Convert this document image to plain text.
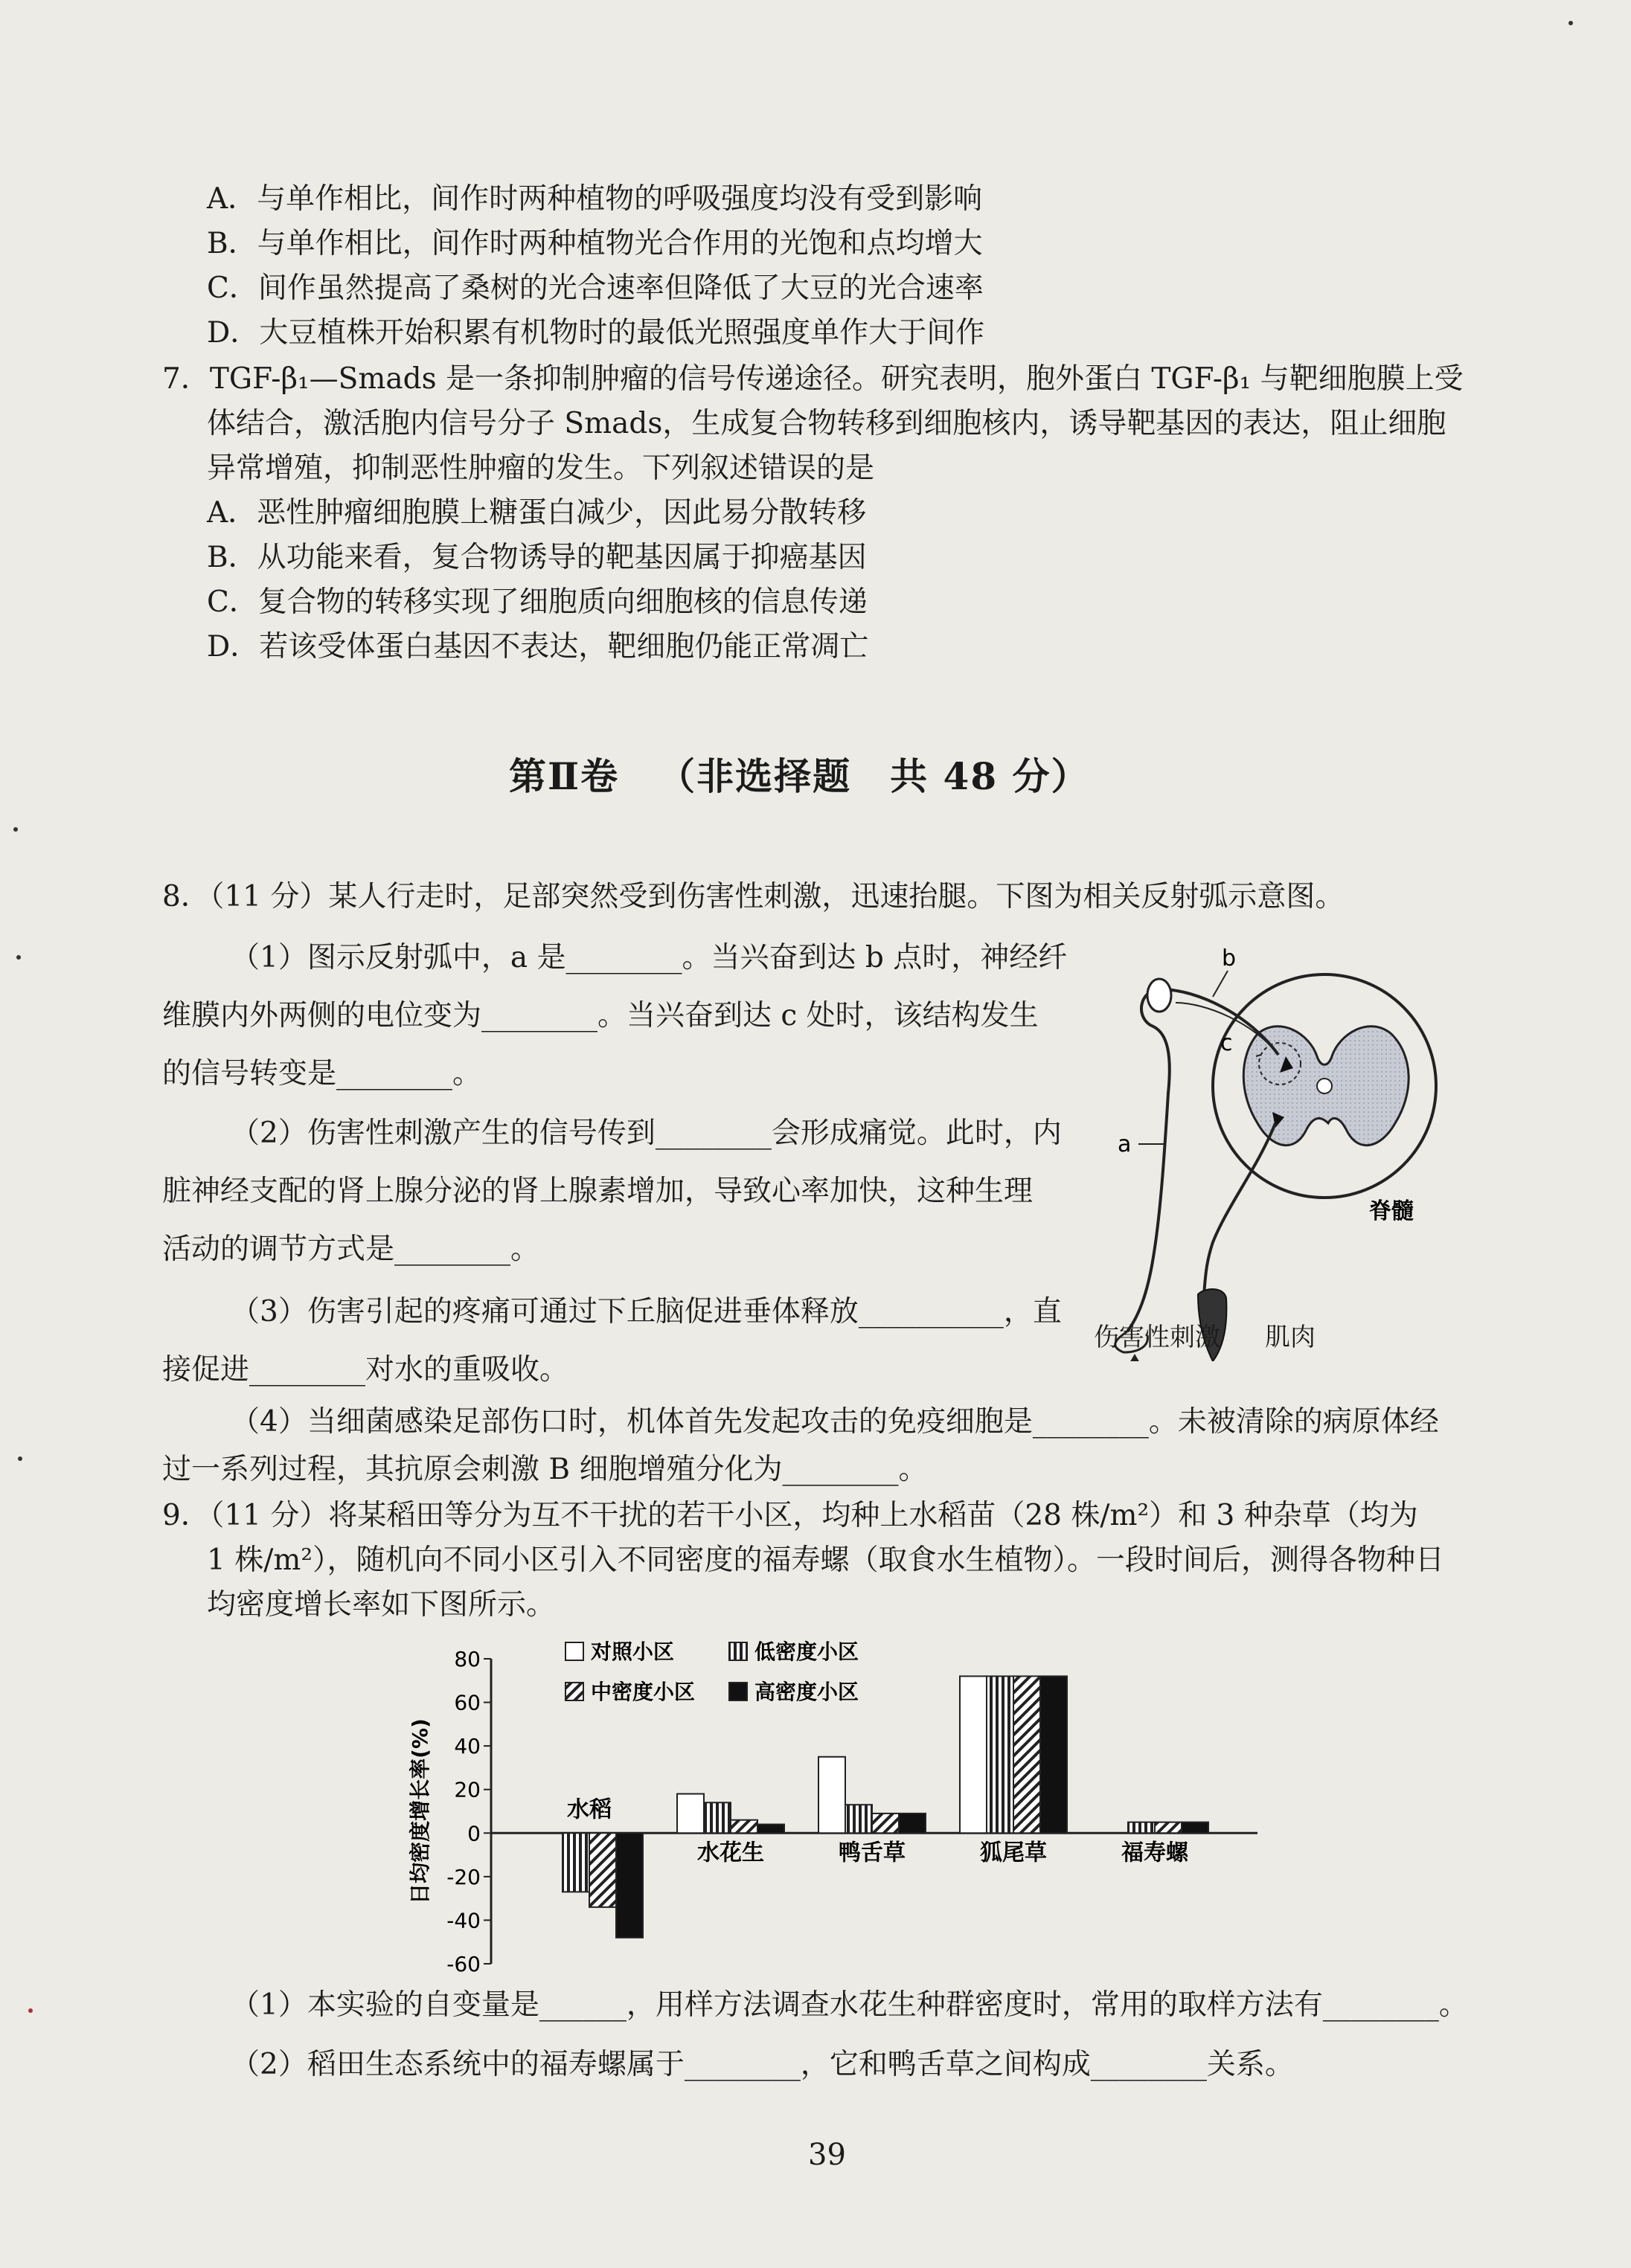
A．与单作相比，间作时两种植物的呼吸强度均没有受到影响
B．与单作相比，间作时两种植物光合作用的光饱和点均增大
C．间作虽然提高了桑树的光合速率但降低了大豆的光合速率
D．大豆植株开始积累有机物时的最低光照强度单作大于间作
7．TGF-β₁—Smads 是一条抑制肿瘤的信号传递途径。研究表明，胞外蛋白 TGF-β₁ 与靶细胞膜上受
体结合，激活胞内信号分子 Smads，生成复合物转移到细胞核内，诱导靶基因的表达，阻止细胞
异常增殖，抑制恶性肿瘤的发生。下列叙述错误的是
A．恶性肿瘤细胞膜上糖蛋白减少，因此易分散转移
B．从功能来看，复合物诱导的靶基因属于抑癌基因
C．复合物的转移实现了细胞质向细胞核的信息传递
D．若该受体蛋白基因不表达，靶细胞仍能正常凋亡
第Ⅱ卷 （非选择题 共 48 分）
8．（11 分）某人行走时，足部突然受到伤害性刺激，迅速抬腿。下图为相关反射弧示意图。
（1）图示反射弧中，a 是________。当兴奋到达 b 点时，神经纤
维膜内外两侧的电位变为________。当兴奋到达 c 处时，该结构发生
的信号转变是________。
（2）伤害性刺激产生的信号传到________会形成痛觉。此时，内
脏神经支配的肾上腺分泌的肾上腺素增加，导致心率加快，这种生理
活动的调节方式是________。
（3）伤害引起的疼痛可通过下丘脑促进垂体释放__________，直
接促进________对水的重吸收。
（4）当细菌感染足部伤口时，机体首先发起攻击的免疫细胞是________。未被清除的病原体经
过一系列过程，其抗原会刺激 B 细胞增殖分化为________。
b
c
a
脊髓
伤害性刺激 肌肉
9．（11 分）将某稻田等分为互不干扰的若干小区，均种上水稻苗（28 株/m²）和 3 种杂草（均为
1 株/m²），随机向不同小区引入不同密度的福寿螺（取食水生植物）。一段时间后，测得各物种日
均密度增长率如下图所示。
80
60
40
20
0
-20
-40
-60
日均密度增长率(%)	水稻
水花生	鸭舌草	狐尾草	福寿螺
对照小区	低密度小区
中密度小区	高密度小区
（1）本实验的自变量是______，用样方法调查水花生种群密度时，常用的取样方法有________。
（2）稻田生态系统中的福寿螺属于________，它和鸭舌草之间构成________关系。
39
